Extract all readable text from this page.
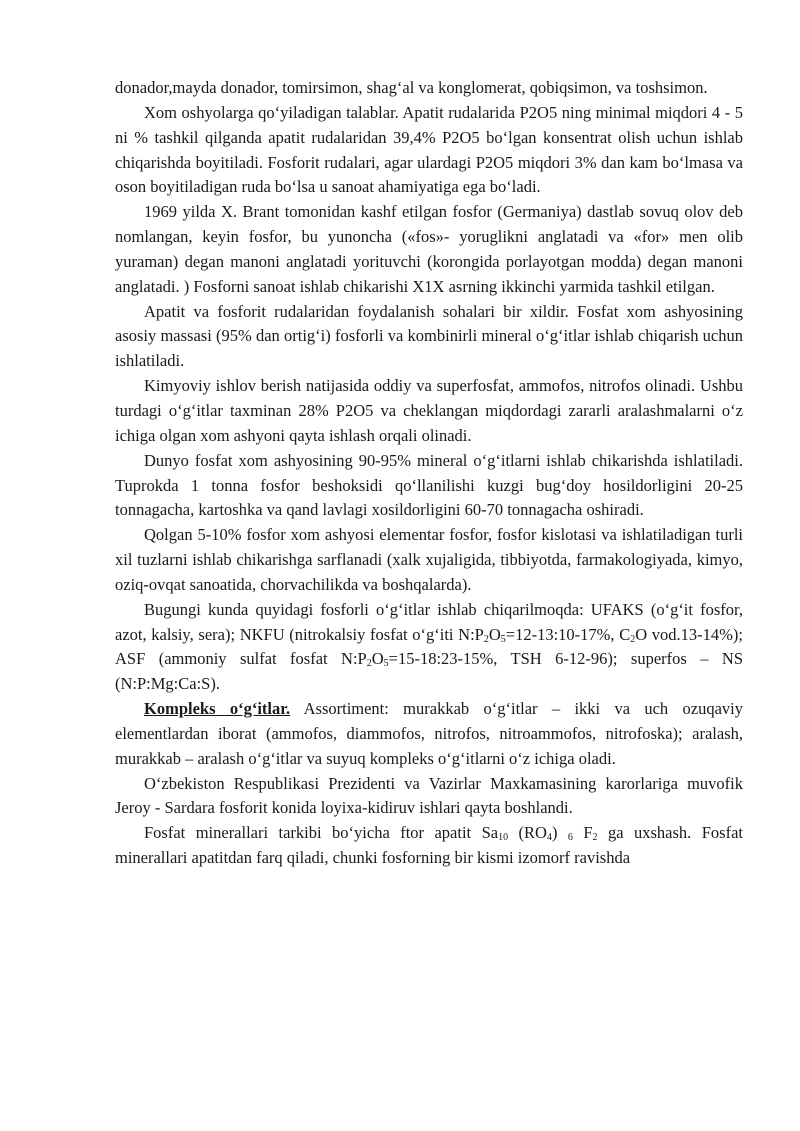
donador,mayda donador, tomirsimon, shag‘al va konglomerat, qobiqsimon, va toshsimon.

Xom oshyolarga qo‘yiladigan talablar. Apatit rudalarida P2O5 ning minimal miqdori 4 - 5 ni % tashkil qilganda apatit rudalaridan 39,4% P2O5 bo‘lgan konsentrat olish uchun ishlab chiqarishda boyitiladi. Fosforit rudalari, agar ulardagi P2O5 miqdori 3% dan kam bo‘lmasa va oson boyitiladigan ruda bo‘lsa u sanoat ahamiyatiga ega bo‘ladi.

1969 yilda X. Brant tomonidan kashf etilgan fosfor (Germaniya) dastlab sovuq olov deb nomlangan, keyin fosfor, bu yunoncha («fos»- yoruglikni anglatadi va «for» men olib yuraman) degan manoni anglatadi yorituvchi (korongida porlayotgan modda) degan manoni anglatadi. ) Fosforni sanoat ishlab chikarishi X1X asrning ikkinchi yarmida tashkil etilgan.

Apatit va fosforit rudalaridan foydalanish sohalari bir xildir. Fosfat xom ashyosining asosiy massasi (95% dan ortig‘i) fosforli va kombinirli mineral o‘g‘itlar ishlab chiqarish uchun ishlatiladi.

Kimyoviy ishlov berish natijasida oddiy va superfosfat, ammofos, nitrofos olinadi. Ushbu turdagi o‘g‘itlar taxminan 28% P2O5 va cheklangan miqdordagi zararli aralashmalarni o‘z ichiga olgan xom ashyoni qayta ishlash orqali olinadi.

Dunyo fosfat xom ashyosining 90-95% mineral o‘g‘itlarni ishlab chikarishda ishlatiladi. Tuprokda 1 tonna fosfor beshoksidi qo‘llanilishi kuzgi bug‘doy hosildorligini 20-25 tonnagacha, kartoshka va qand lavlagi xosildorligini 60-70 tonnagacha oshiradi.

Qolgan 5-10% fosfor xom ashyosi elementar fosfor, fosfor kislotasi va ishlatiladigan turli xil tuzlarni ishlab chikarishga sarflanadi (xalk xujaligida, tibbiyotda, farmakologiyada, kimyo, oziq-ovqat sanoatida, chorvachilikda va boshqalarda).

Bugungi kunda quyidagi fosforli o‘g‘itlar ishlab chiqarilmoqda: UFAKS (o‘g‘it fosfor, azot, kalsiy, sera); NKFU (nitrokalsiy fosfat o‘g‘iti $N:P_2O_5=12-13:10-17\%$, $C_2O$ vod.13-14%); ASF (ammoniy sulfat fosfat $N:P_2O_5=15-18:23-15\%$, TSH 6-12-96); superfos – NS (N:P:Mg:Ca:S).

Kompleks o‘g‘itlar. Assortiment: murakkab o‘g‘itlar – ikki va uch ozuqaviy elementlardan iborat (ammofos, diammofos, nitrofos, nitroammofos, nitrofoska); aralash, murakkab – aralash o‘g‘itlar va suyuq kompleks o‘g‘itlarni o‘z ichiga oladi.

O‘zbekiston Respublikasi Prezidenti va Vazirlar Maxkamasining karorlariga muvofik Jeroy - Sardara fosforit konida loyixa-kidiruv ishlari qayta boshlandi.

Fosfat minerallari tarkibi bo‘yicha ftor apatit $Sa_{10}$ $(RO_4)$ $_6$ $F_2$ ga uxshash. Fosfat minerallari apatitdan farq qiladi, chunki fosforning bir kismi izomorf ravishda
